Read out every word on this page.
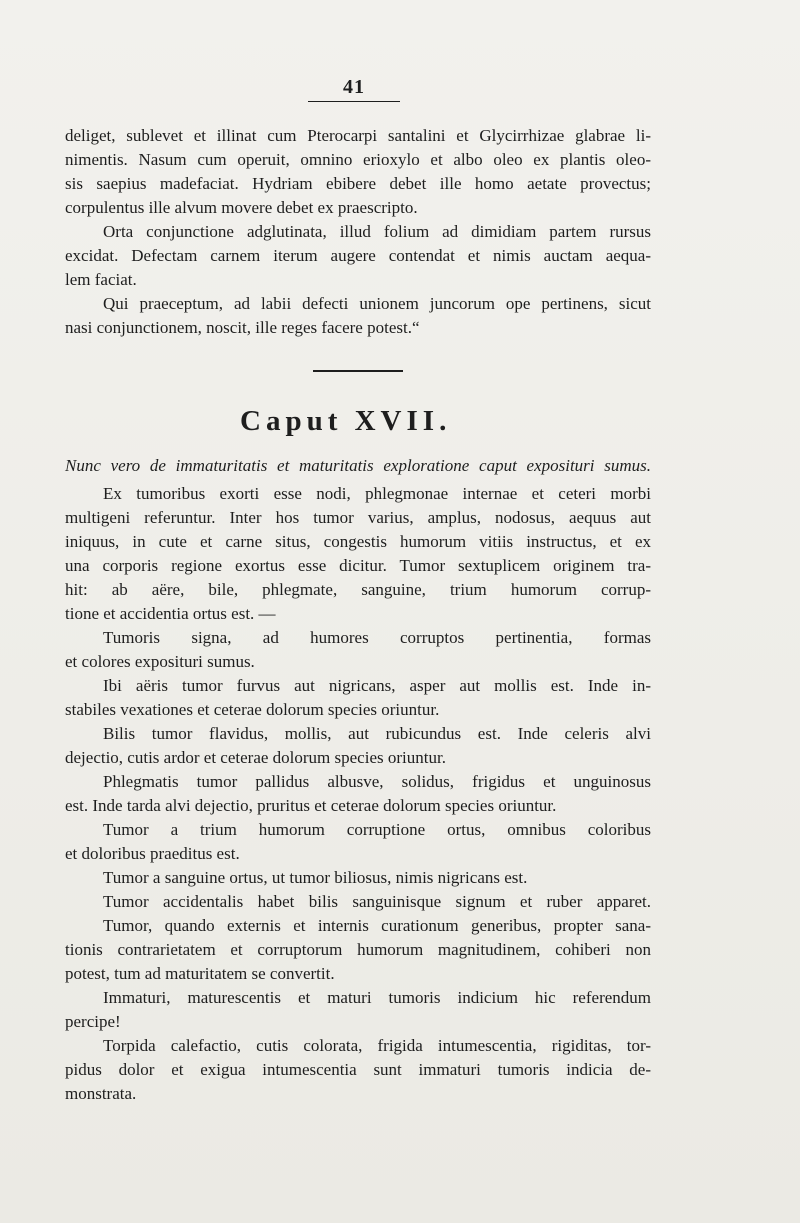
41
deliget, sublevet et illinat cum Pterocarpi santalini et Glycirrhizae glabrae li-
nimentis. Nasum cum operuit, omnino erioxylo et albo oleo ex plantis oleo-
sis saepius madefaciat. Hydriam ebibere debet ille homo aetate provectus;
corpulentus ille alvum movere debet ex praescripto.
Orta conjunctione adglutinata, illud folium ad dimidiam partem rursus
excidat. Defectam carnem iterum augere contendat et nimis auctam aequa-
lem faciat.
Qui praeceptum, ad labii defecti unionem juncorum ope pertinens, sicut
nasi conjunctionem, noscit, ille reges facere potest.“
Caput XVII.
Nunc vero de immaturitatis et maturitatis exploratione caput exposituri sumus.
Ex tumoribus exorti esse nodi, phlegmonae internae et ceteri morbi
multigeni referuntur. Inter hos tumor varius, amplus, nodosus, aequus aut
iniquus, in cute et carne situs, congestis humorum vitiis instructus, et ex
una corporis regione exortus esse dicitur. Tumor sextuplicem originem tra-
hit: ab aëre, bile, phlegmate, sanguine, trium humorum corrup-
tione et accidentia ortus est. —
Tumoris signa, ad humores corruptos pertinentia, formas
et colores exposituri sumus.
Ibi aëris tumor furvus aut nigricans, asper aut mollis est. Inde in-
stabiles vexationes et ceterae dolorum species oriuntur.
Bilis tumor flavidus, mollis, aut rubicundus est. Inde celeris alvi
dejectio, cutis ardor et ceterae dolorum species oriuntur.
Phlegmatis tumor pallidus albusve, solidus, frigidus et unguinosus
est. Inde tarda alvi dejectio, pruritus et ceterae dolorum species oriuntur.
Tumor a trium humorum corruptione ortus, omnibus coloribus
et doloribus praeditus est.
Tumor a sanguine ortus, ut tumor biliosus, nimis nigricans est.
Tumor accidentalis habet bilis sanguinisque signum et ruber apparet.
Tumor, quando externis et internis curationum generibus, propter sana-
tionis contrarietatem et corruptorum humorum magnitudinem, cohiberi non
potest, tum ad maturitatem se convertit.
Immaturi, maturescentis et maturi tumoris indicium hic referendum
percipe!
Torpida calefactio, cutis colorata, frigida intumescentia, rigiditas, tor-
pidus dolor et exigua intumescentia sunt immaturi tumoris indicia de-
monstrata.
